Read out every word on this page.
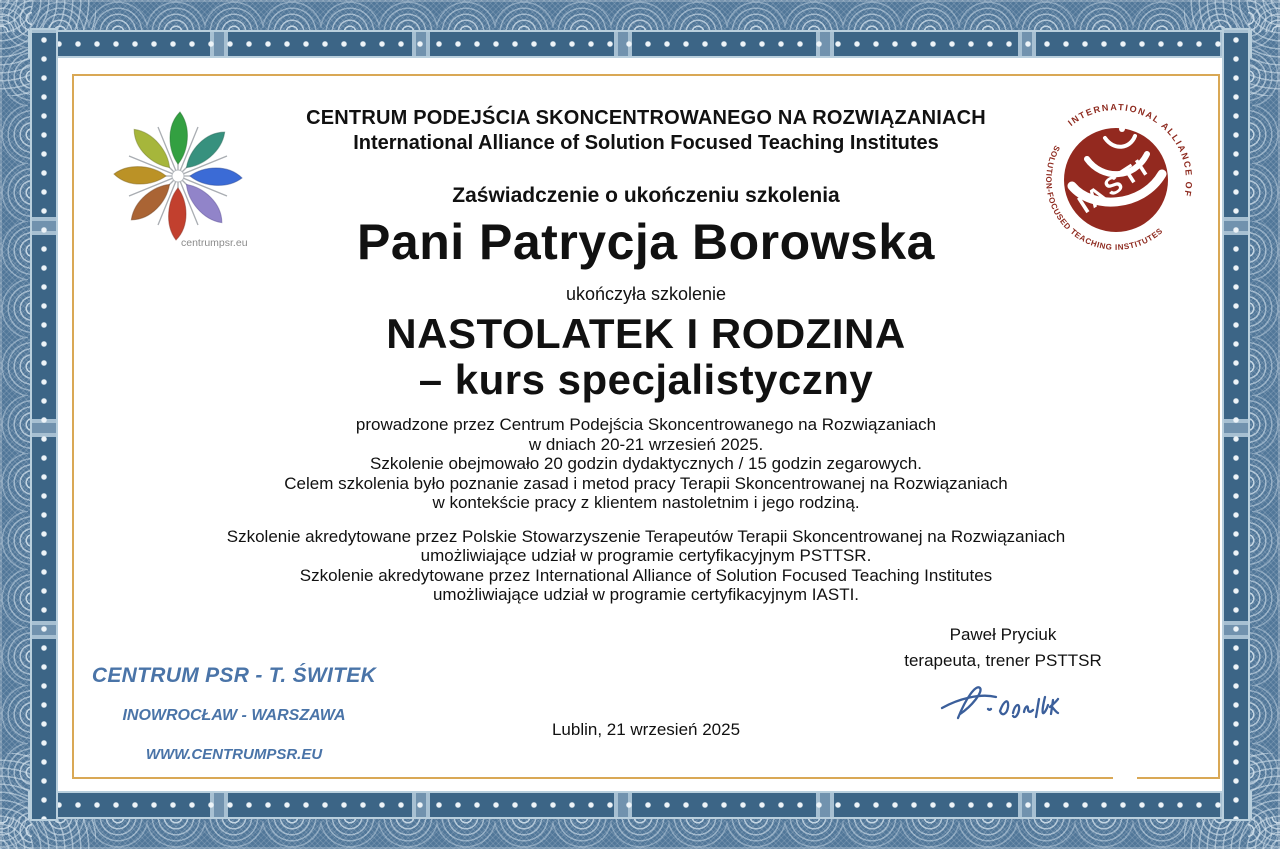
centrumpsr.eu
IASTI
INTERNATIONAL ALLIANCE OF
SOLUTION-FOCUSED TEACHING INSTITUTES
CENTRUM PODEJŚCIA SKONCENTROWANEGO NA ROZWIĄZANIACH
International Alliance of Solution Focused Teaching Institutes
Zaświadczenie o ukończeniu szkolenia
Pani Patrycja Borowska
ukończyła szkolenie
NASTOLATEK I RODZINA
– kurs specjalistyczny
prowadzone przez Centrum Podejścia Skoncentrowanego na Rozwiązaniach
w dniach 20-21 wrzesień 2025.
Szkolenie obejmowało 20 godzin dydaktycznych / 15 godzin zegarowych.
Celem szkolenia było poznanie zasad i metod pracy Terapii Skoncentrowanej na Rozwiązaniach
w kontekście pracy z klientem nastoletnim i jego rodziną.
Szkolenie akredytowane przez Polskie Stowarzyszenie Terapeutów Terapii Skoncentrowanej na Rozwiązaniach
umożliwiające udział w programie certyfikacyjnym PSTTSR.
Szkolenie akredytowane przez International Alliance of Solution Focused Teaching Institutes
umożliwiające udział w programie certyfikacyjnym IASTI.
Paweł Pryciuk
terapeuta, trener PSTTSR
CENTRUM PSR - T. ŚWITEK
INOWROCŁAW - WARSZAWA
WWW.CENTRUMPSR.EU
Lublin, 21 wrzesień 2025
